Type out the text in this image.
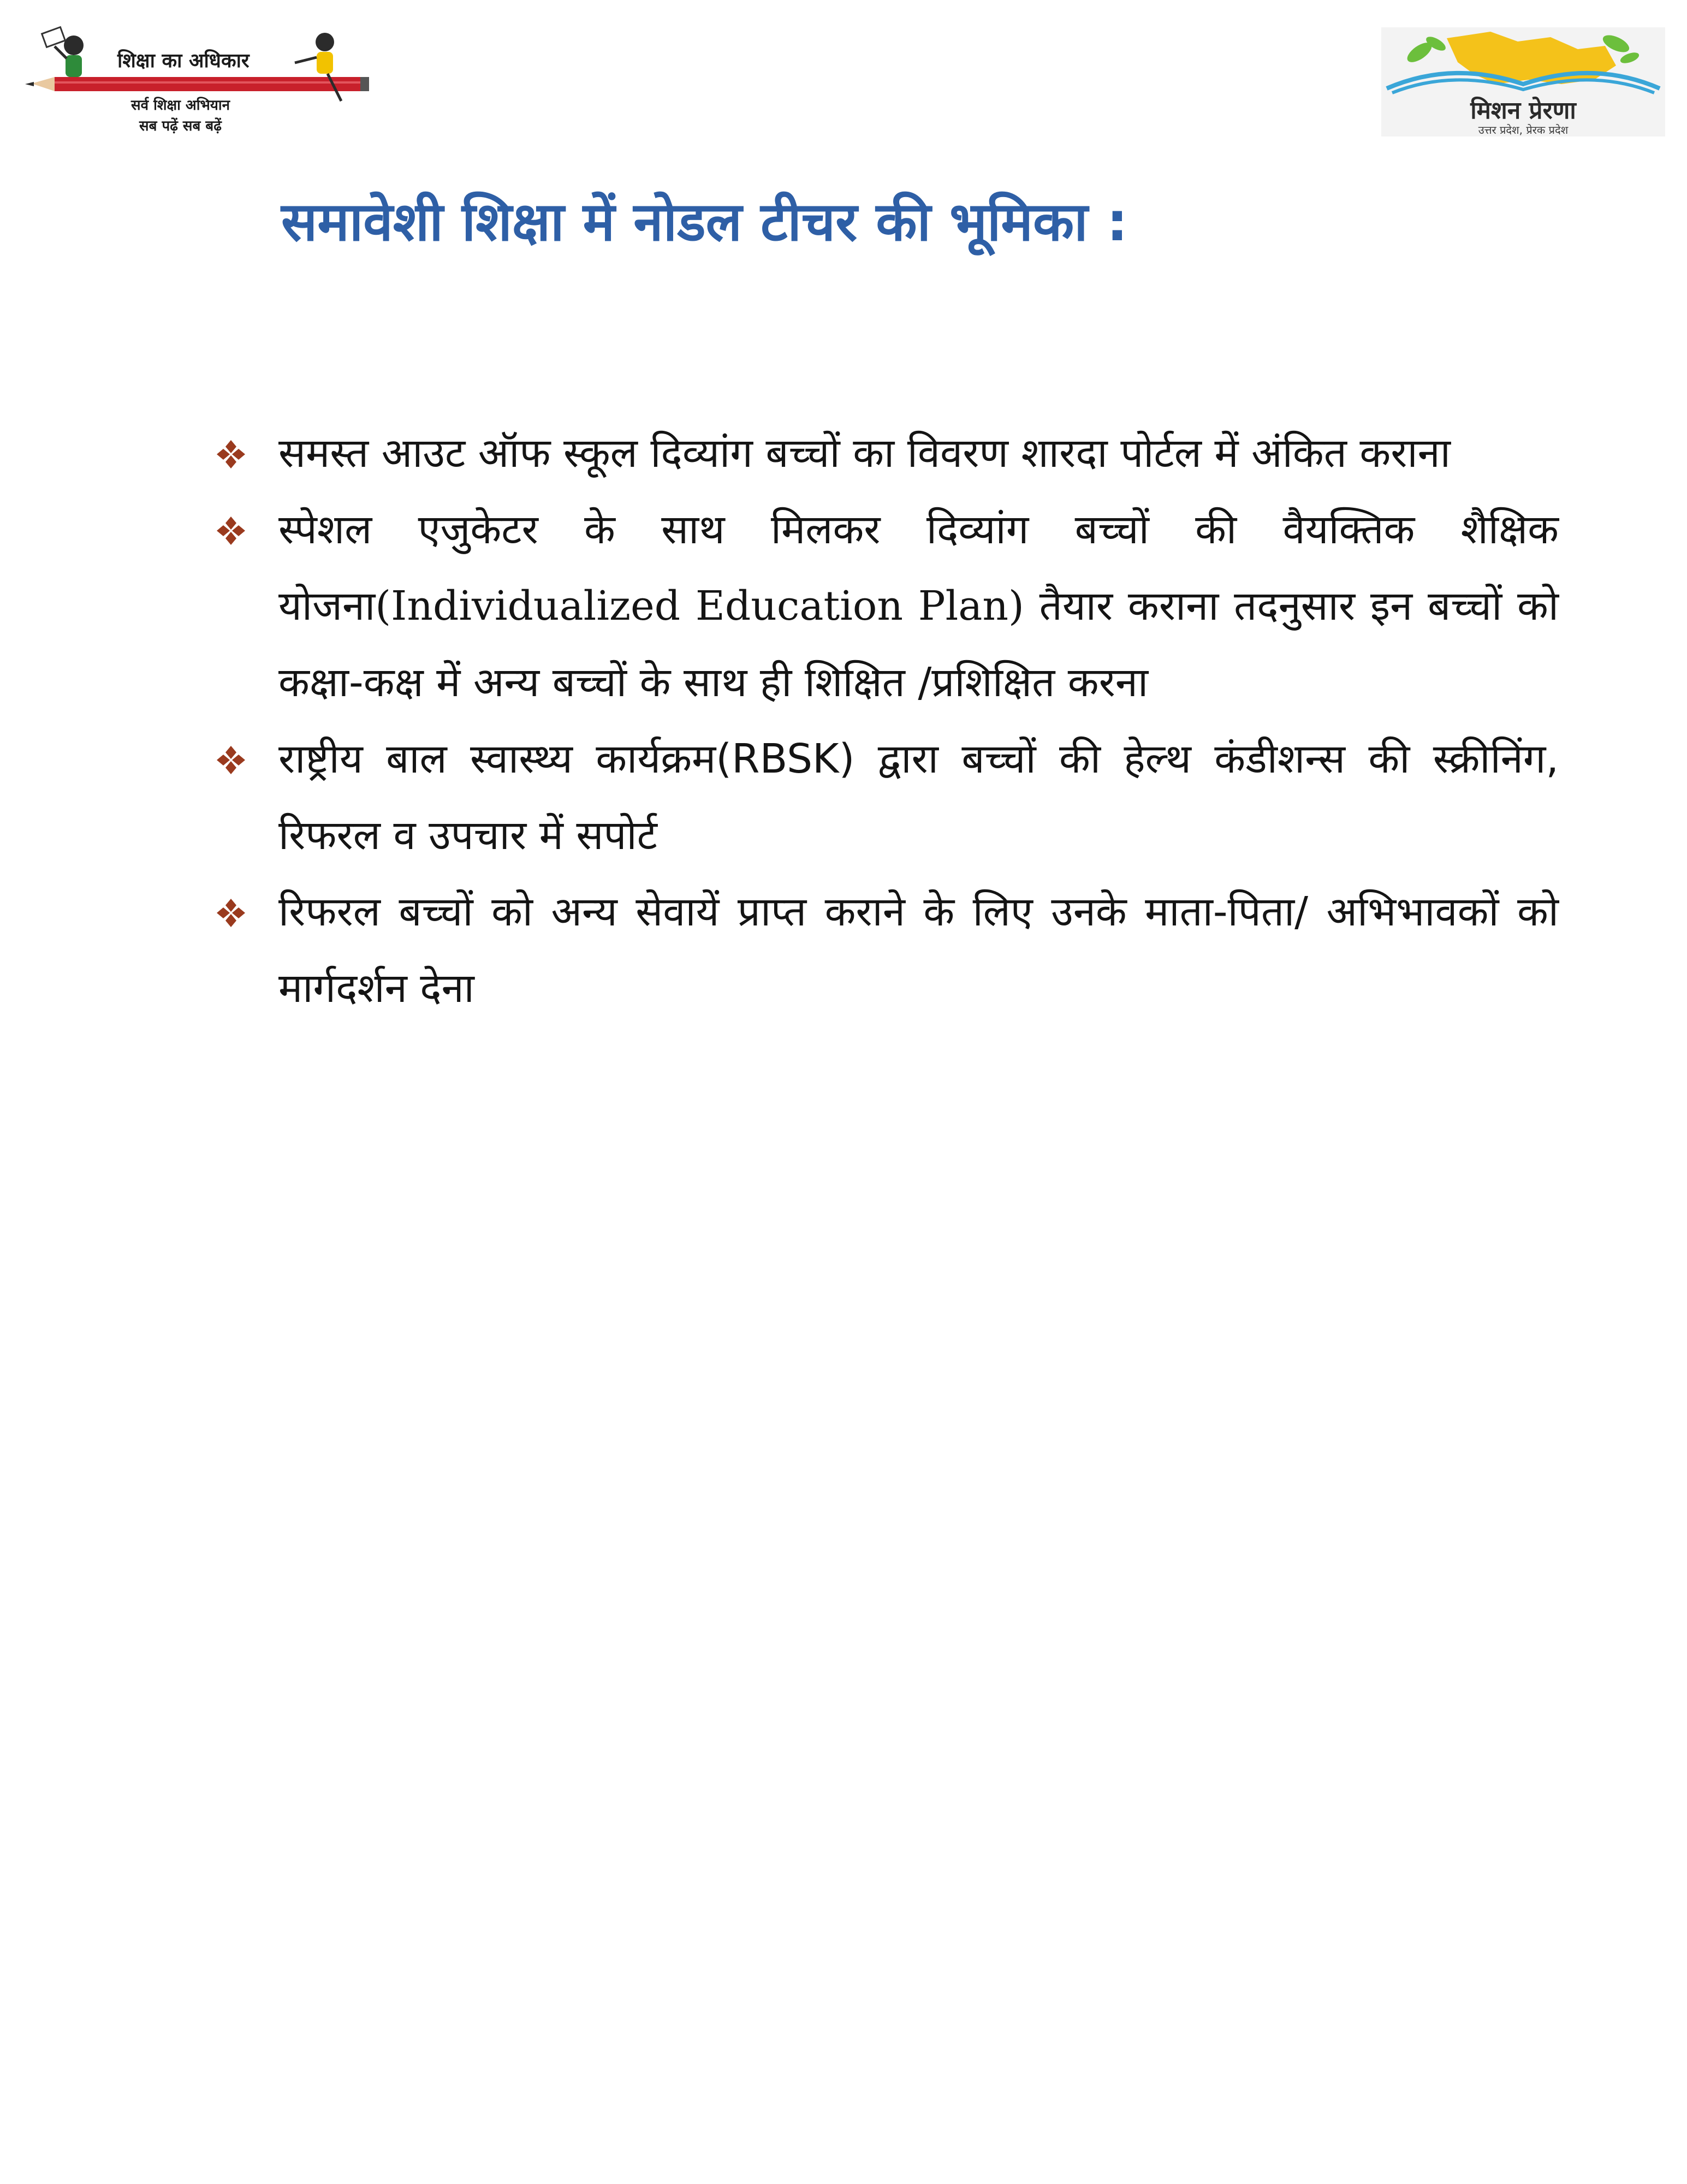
शिक्षा का अधिकार
सर्व शिक्षा अभियान
सब पढ़ें सब बढ़ें
मिशन प्रेरणा
उत्तर प्रदेश, प्रेरक प्रदेश
समावेशी शिक्षा में नोडल टीचर की भूमिका :
समस्त आउट ऑफ स्कूल दिव्यांग बच्चों का विवरण शारदा पोर्टल में अंकित कराना
स्पेशल एजुकेटर के साथ मिलकर दिव्यांग बच्चों की वैयक्तिक शैक्षिक योजना(Individualized Education Plan) तैयार कराना तदनुसार इन बच्चों को कक्षा-कक्ष में अन्य बच्चों के साथ ही शिक्षित /प्रशिक्षित करना
राष्ट्रीय बाल स्वास्थ्य कार्यक्रम(RBSK) द्वारा बच्चों की हेल्थ कंडीशन्स की स्क्रीनिंग, रिफरल व उपचार में सपोर्ट
रिफरल बच्चों को अन्य सेवायें प्राप्त कराने के लिए उनके माता-पिता/ अभिभावकों को मार्गदर्शन देना
